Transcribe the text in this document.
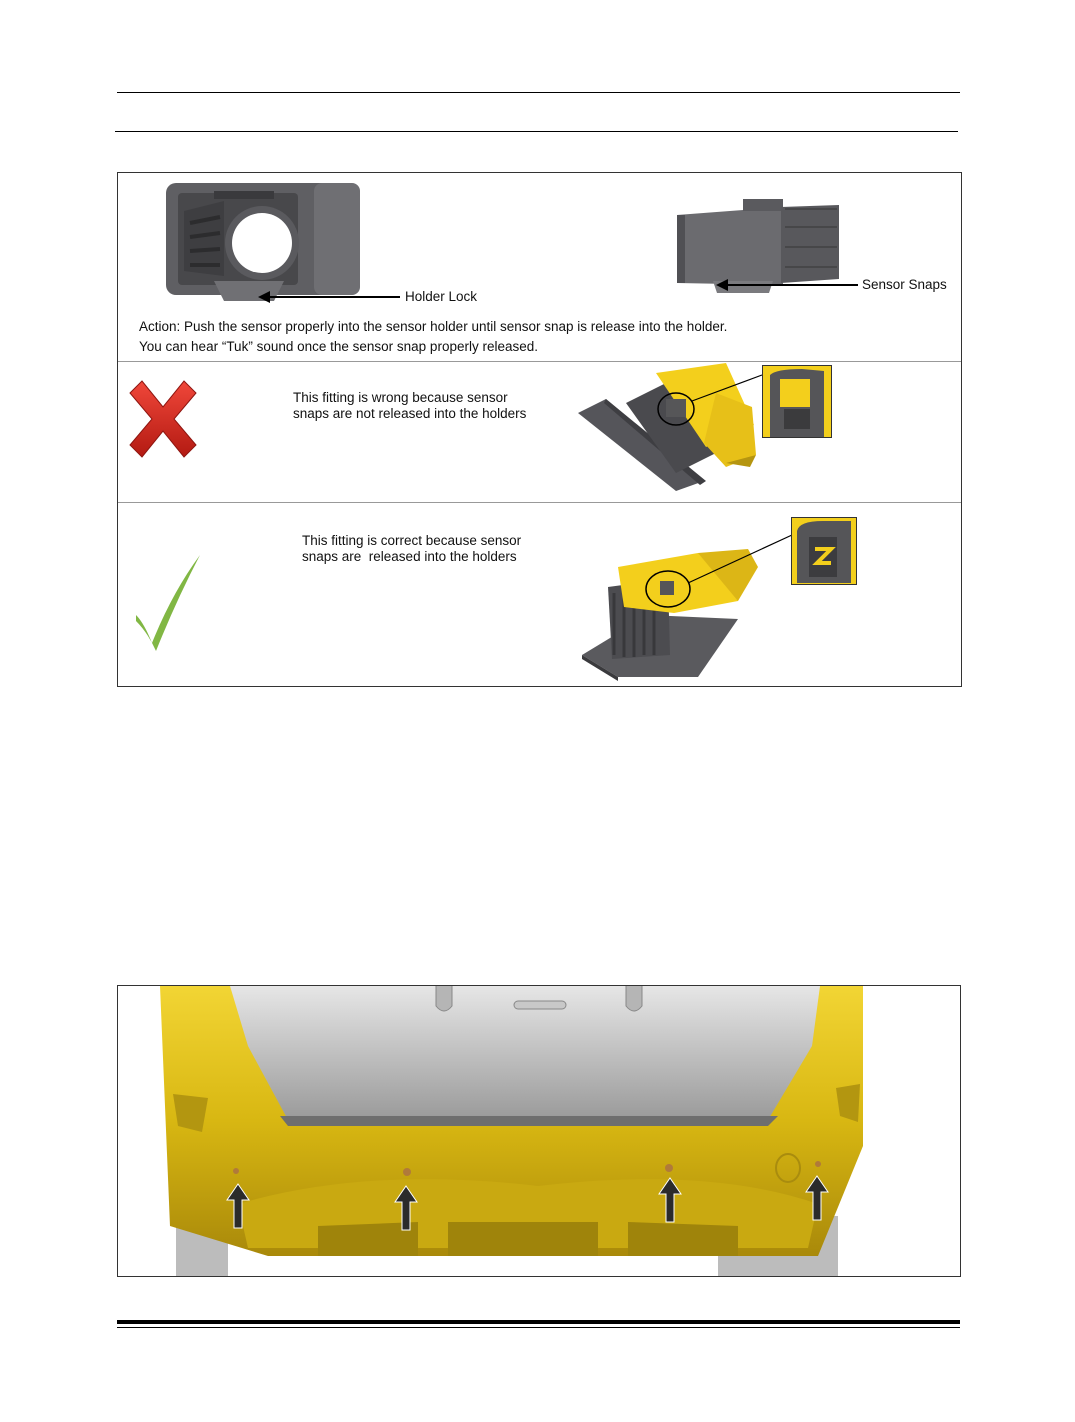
Holder Lock
Sensor Snaps
Action: Push the sensor properly into the sensor holder until sensor snap is release into the holder.
You can hear “Tuk” sound once the sensor snap properly released.
This fitting is wrong because sensor
snaps are not released into the holders
This fitting is correct because sensor
snaps are  released into the holders
